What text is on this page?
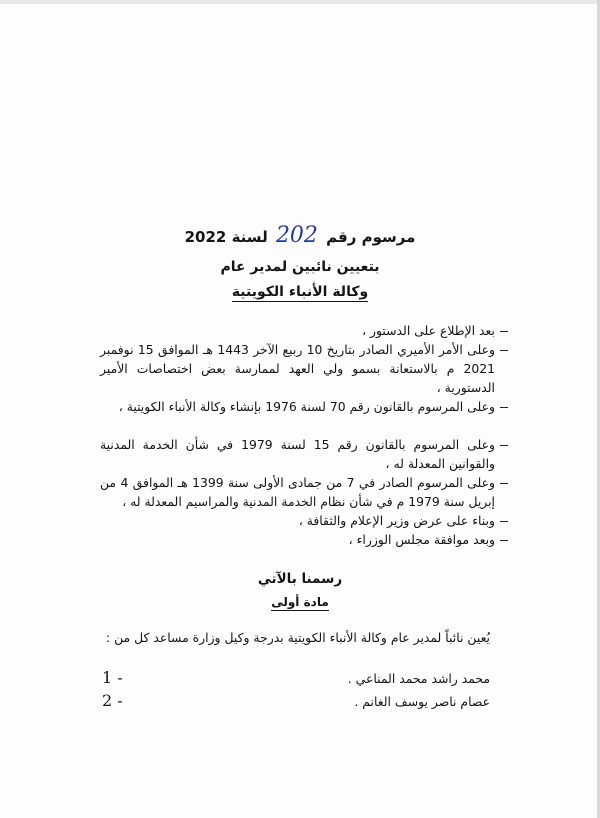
مرسوم رقم 202 لسنة 2022
بتعيين نائبين لمدير عام
وكالة الأنباء الكويتية
بعد الإطلاع على الدستور ،
وعلى الأمر الأميري الصادر بتاريخ 10 ربيع الآخر 1443 هـ الموافق 15 نوفمبر 2021 م بالاستعانة بسمو ولي العهد لممارسة بعض اختصاصات الأمير الدستورية ،
وعلى المرسوم بالقانون رقم 70 لسنة 1976 بإنشاء وكالة الأنباء الكويتية ،
وعلى المرسوم بالقانون رقم 15 لسنة 1979 في شأن الخدمة المدنية والقوانين المعدلة له ،
وعلى المرسوم الصادر في 7 من جمادى الأولى سنة 1399 هـ الموافق 4 من إبريل سنة 1979 م في شأن نظام الخدمة المدنية والمراسيم المعدلة له ،
وبناء على عرض وزير الإعلام والثقافة ،
وبعد موافقة مجلس الوزراء ،
رسمنا بالآتي
مادة أولى
يُعين نائباً لمدير عام وكالة الأنباء الكويتية بدرجة وكيل وزارة مساعد كل من :
محمد راشد محمد المناعي .
1 -
عصام ناصر يوسف الغانم .
2 -
